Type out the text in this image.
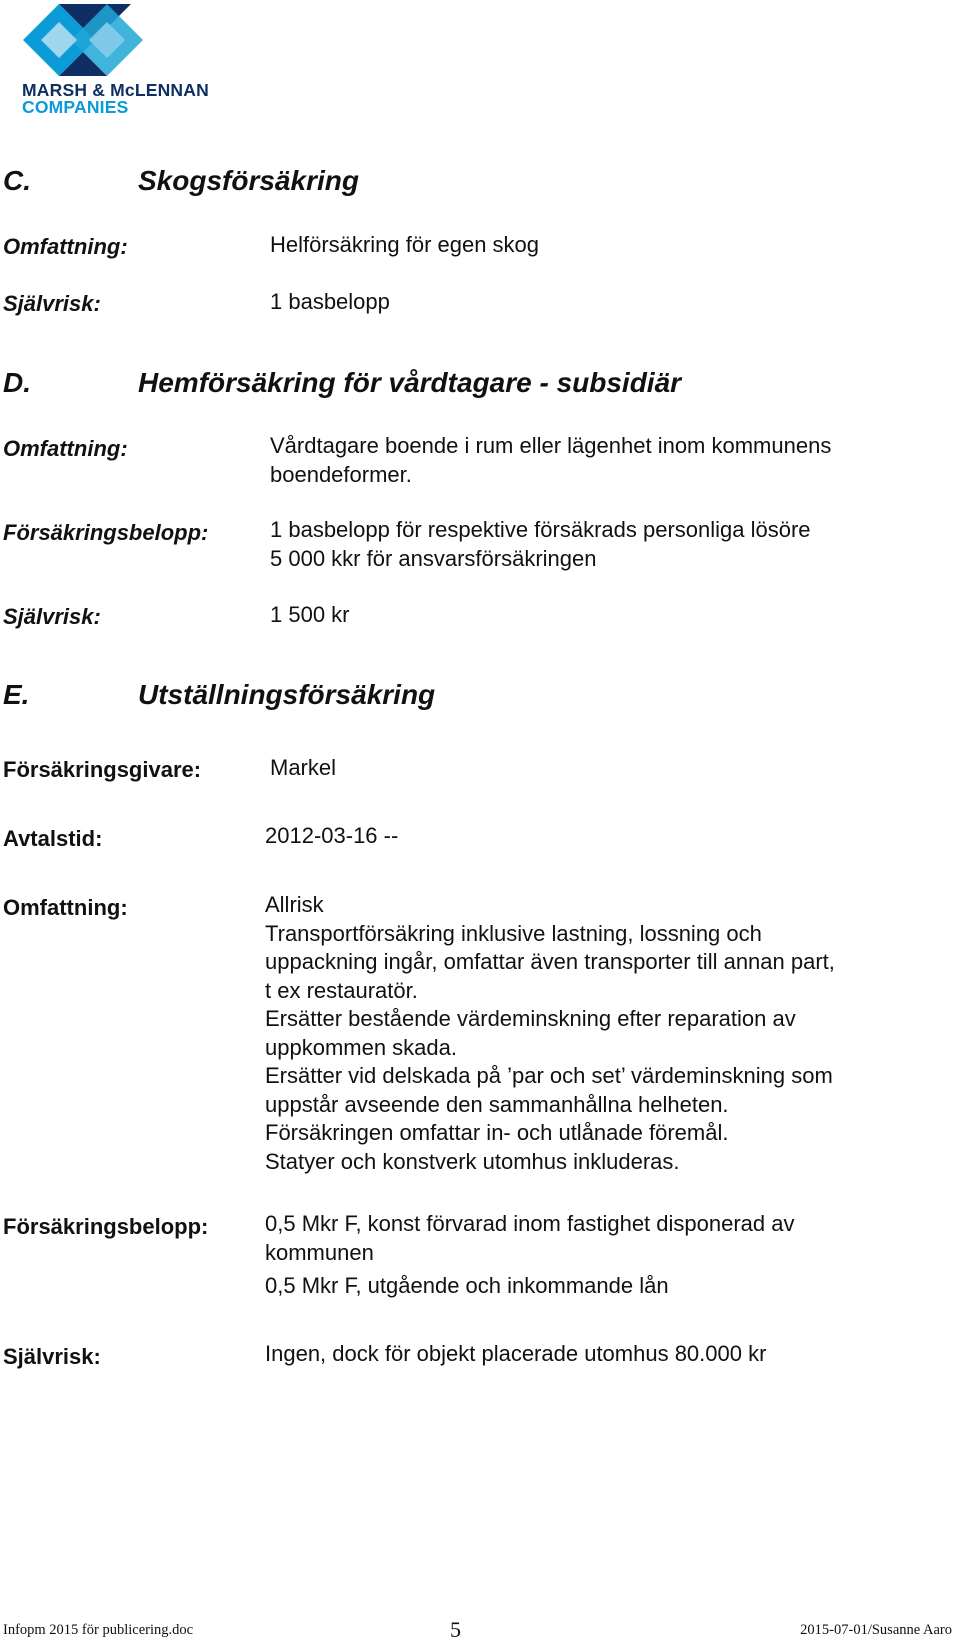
MARSH & McLENNAN
COMPANIES
C.	Skogsförsäkring
Omfattning:	Helförsäkring för egen skog
Självrisk:	1 basbelopp
D.	Hemförsäkring för vårdtagare - subsidiär
Omfattning:	Vårdtagare boende i rum eller lägenhet inom kommunens
boendeformer.
Försäkringsbelopp:	1 basbelopp för respektive försäkrads personliga lösöre
5 000 kkr för ansvarsförsäkringen
Självrisk:	1 500 kr
E.	Utställningsförsäkring
Försäkringsgivare:	Markel
Avtalstid:	2012-03-16 --
Omfattning:	Allrisk
Transportförsäkring inklusive lastning, lossning och
uppackning ingår, omfattar även transporter till annan part,
t ex restauratör.
Ersätter bestående värdeminskning efter reparation av
uppkommen skada.
Ersätter vid delskada på ’par och set’ värdeminskning som
uppstår avseende den sammanhållna helheten.
Försäkringen omfattar in- och utlånade föremål.
Statyer och konstverk utomhus inkluderas.
Försäkringsbelopp:	0,5 Mkr F, konst förvarad inom fastighet disponerad av
kommunen
0,5 Mkr F, utgående och inkommande lån
Självrisk:	Ingen, dock för objekt placerade utomhus 80.000 kr
Infopm 2015 för publicering.doc	5	2015-07-01/Susanne Aaro
